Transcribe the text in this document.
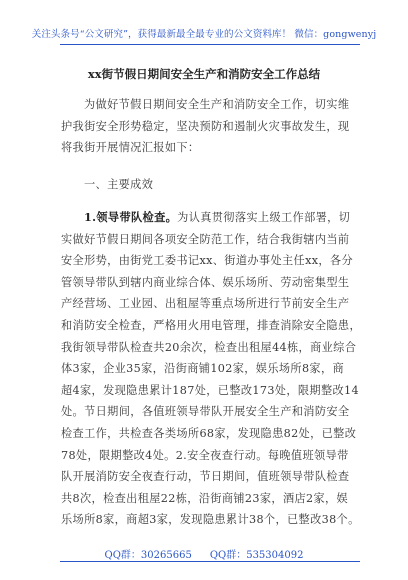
关注头条号“公文研究”，获得最新最全最专业的公文资料库！ 微信：gongwenyj
xx街节假日期间安全生产和消防安全工作总结
为做好节假日期间安全生产和消防安全工作，切实维
护我街安全形势稳定，坚决预防和遏制火灾事故发生，现
将我街开展情况汇报如下：
一、主要成效
1.领导带队检查。为认真贯彻落实上级工作部署，切
实做好节假日期间各项安全防范工作，结合我街辖内当前
安全形势，由街党工委书记xx、街道办事处主任xx，各分
管领导带队到辖内商业综合体、娱乐场所、劳动密集型生
产经营场、工业园、出租屋等重点场所进行节前安全生产
和消防安全检查，严格用火用电管理，排查消除安全隐患，
我街领导带队检查共20余次，检查出租屋44栋，商业综合
体3家，企业35家，沿街商铺102家，娱乐场所8家，商
超4家，发现隐患累计187处，已整改173处，限期整改14
处。节日期间，各值班领导带队开展安全生产和消防安全
检查工作，共检查各类场所68家，发现隐患82处，已整改
78处，限期整改4处。2.安全夜查行动。每晚值班领导带
队开展消防安全夜查行动，节日期间，值班领导带队检查
共8次，检查出租屋22栋，沿街商铺23家，酒店2家，娱
乐场所8家，商超3家，发现隐患累计38个，已整改38个。
QQ群：30265665 QQ群：535304092
